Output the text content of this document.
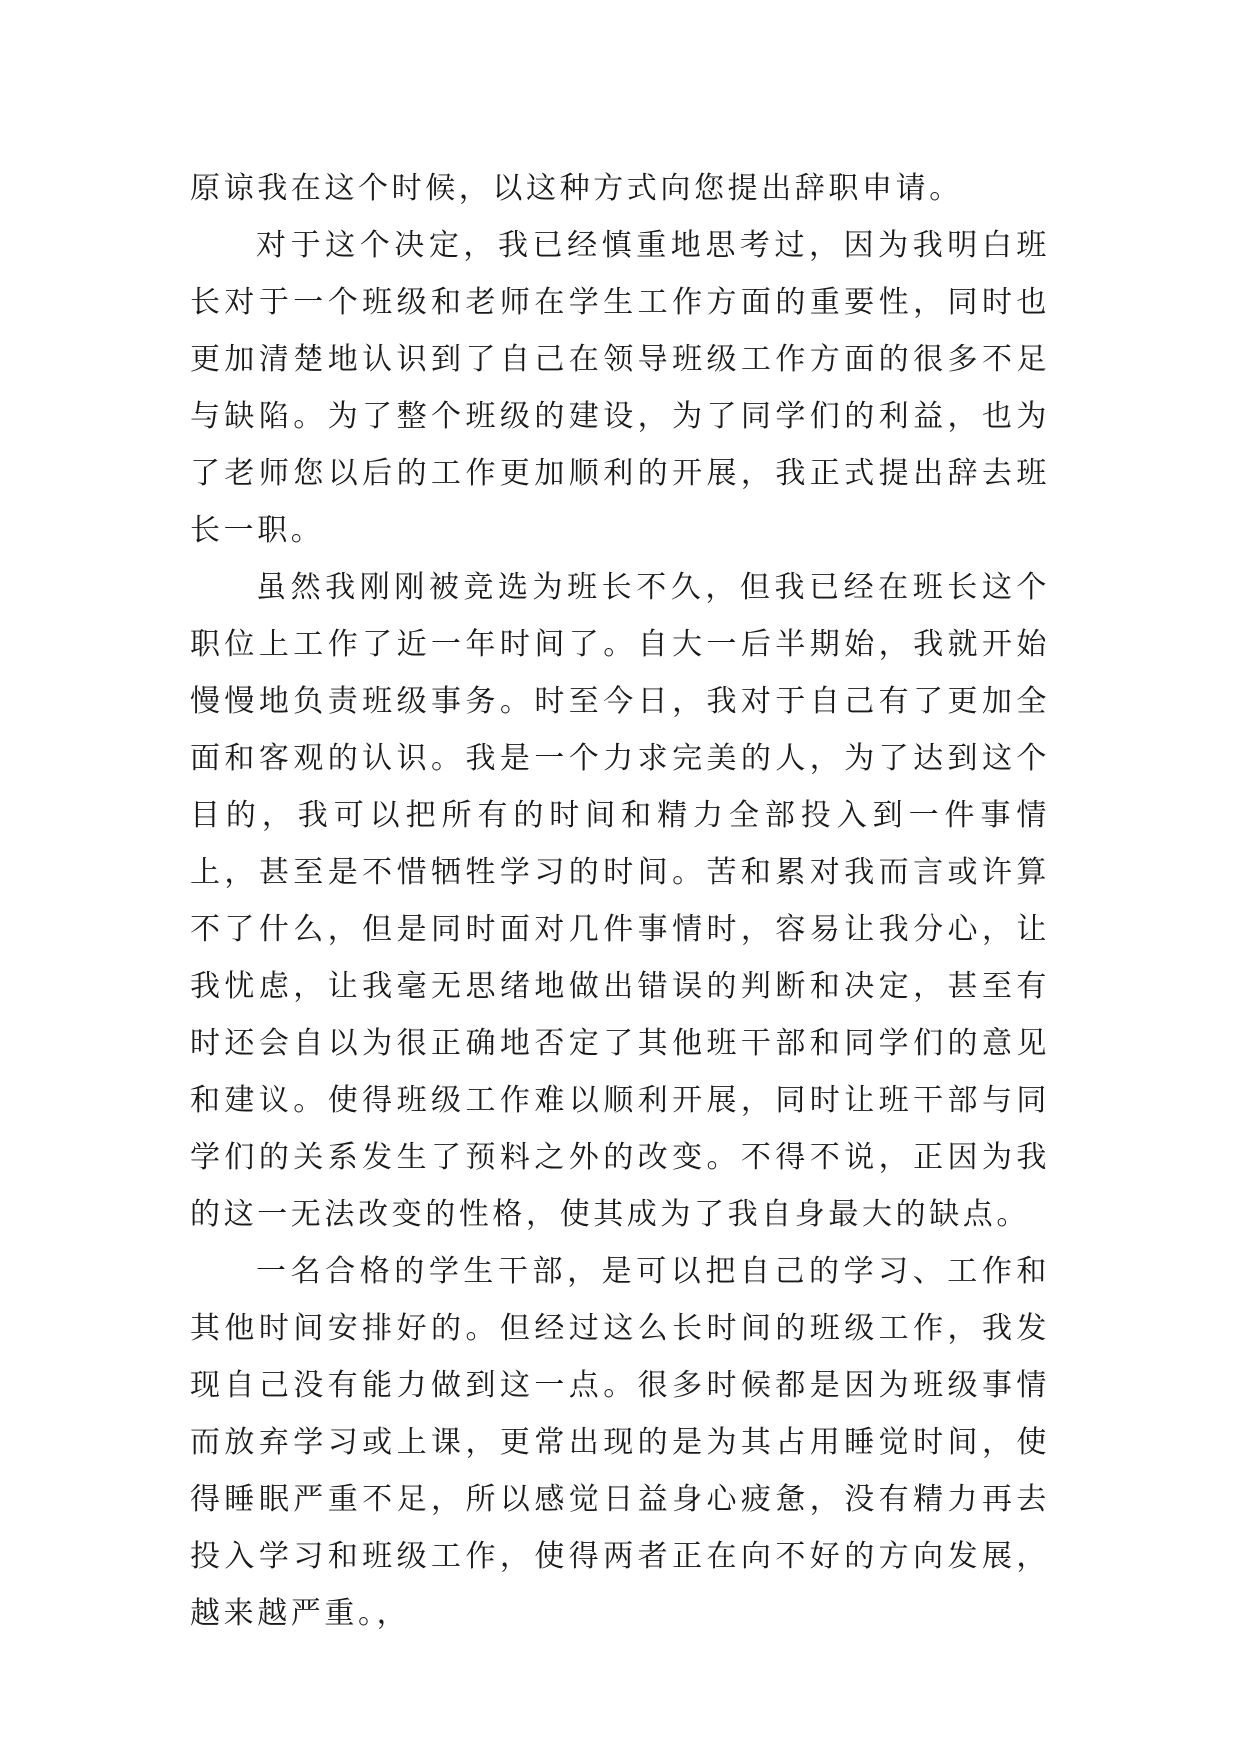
原谅我在这个时候，以这种方式向您提出辞职申请。

对于这个决定，我已经慎重地思考过，因为我明白班长对于一个班级和老师在学生工作方面的重要性，同时也更加清楚地认识到了自己在领导班级工作方面的很多不足与缺陷。为了整个班级的建设，为了同学们的利益，也为了老师您以后的工作更加顺利的开展，我正式提出辞去班长一职。

虽然我刚刚被竞选为班长不久，但我已经在班长这个职位上工作了近一年时间了。自大一后半期始，我就开始慢慢地负责班级事务。时至今日，我对于自己有了更加全面和客观的认识。我是一个力求完美的人，为了达到这个目的，我可以把所有的时间和精力全部投入到一件事情上，甚至是不惜牺牲学习的时间。苦和累对我而言或许算不了什么，但是同时面对几件事情时，容易让我分心，让我忧虑，让我毫无思绪地做出错误的判断和决定，甚至有时还会自以为很正确地否定了其他班干部和同学们的意见和建议。使得班级工作难以顺利开展，同时让班干部与同学们的关系发生了预料之外的改变。不得不说，正因为我的这一无法改变的性格，使其成为了我自身最大的缺点。

一名合格的学生干部，是可以把自己的学习、工作和其他时间安排好的。但经过这么长时间的班级工作，我发现自己没有能力做到这一点。很多时候都是因为班级事情而放弃学习或上课，更常出现的是为其占用睡觉时间，使得睡眠严重不足，所以感觉日益身心疲惫，没有精力再去投入学习和班级工作，使得两者正在向不好的方向发展，越来越严重。，
